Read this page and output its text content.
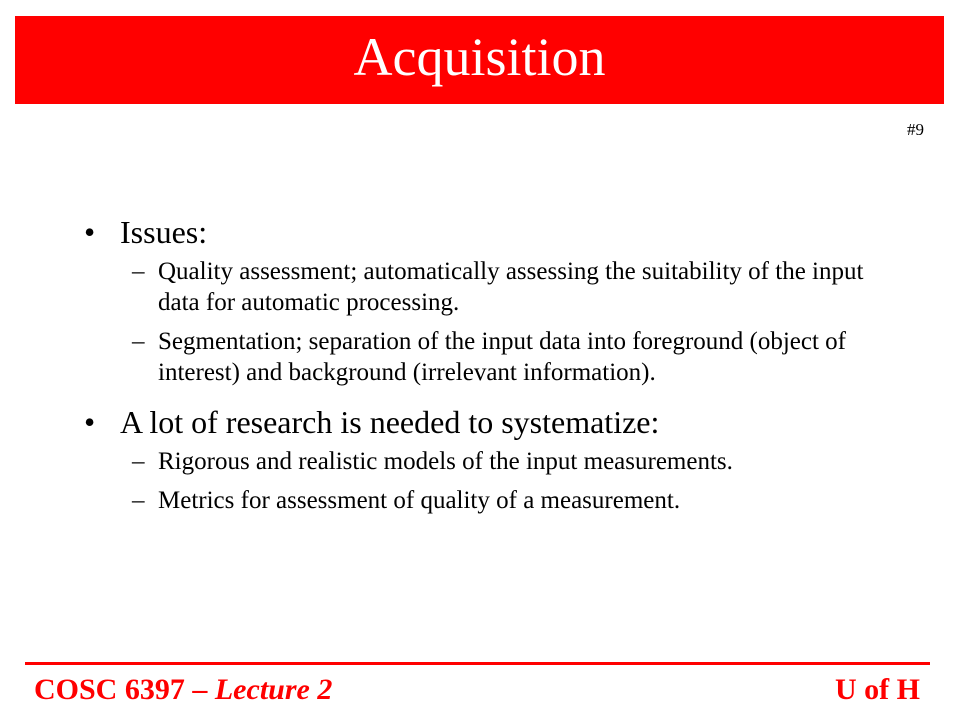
Acquisition
#9
• Issues:
– Quality assessment; automatically assessing the suitability of the input data for automatic processing.
– Segmentation; separation of the input data into foreground (object of interest) and background (irrelevant information).
• A lot of research is needed to systematize:
– Rigorous and realistic models of the input measurements.
– Metrics for assessment of quality of a measurement.
COSC 6397 – Lecture 2	U of H
